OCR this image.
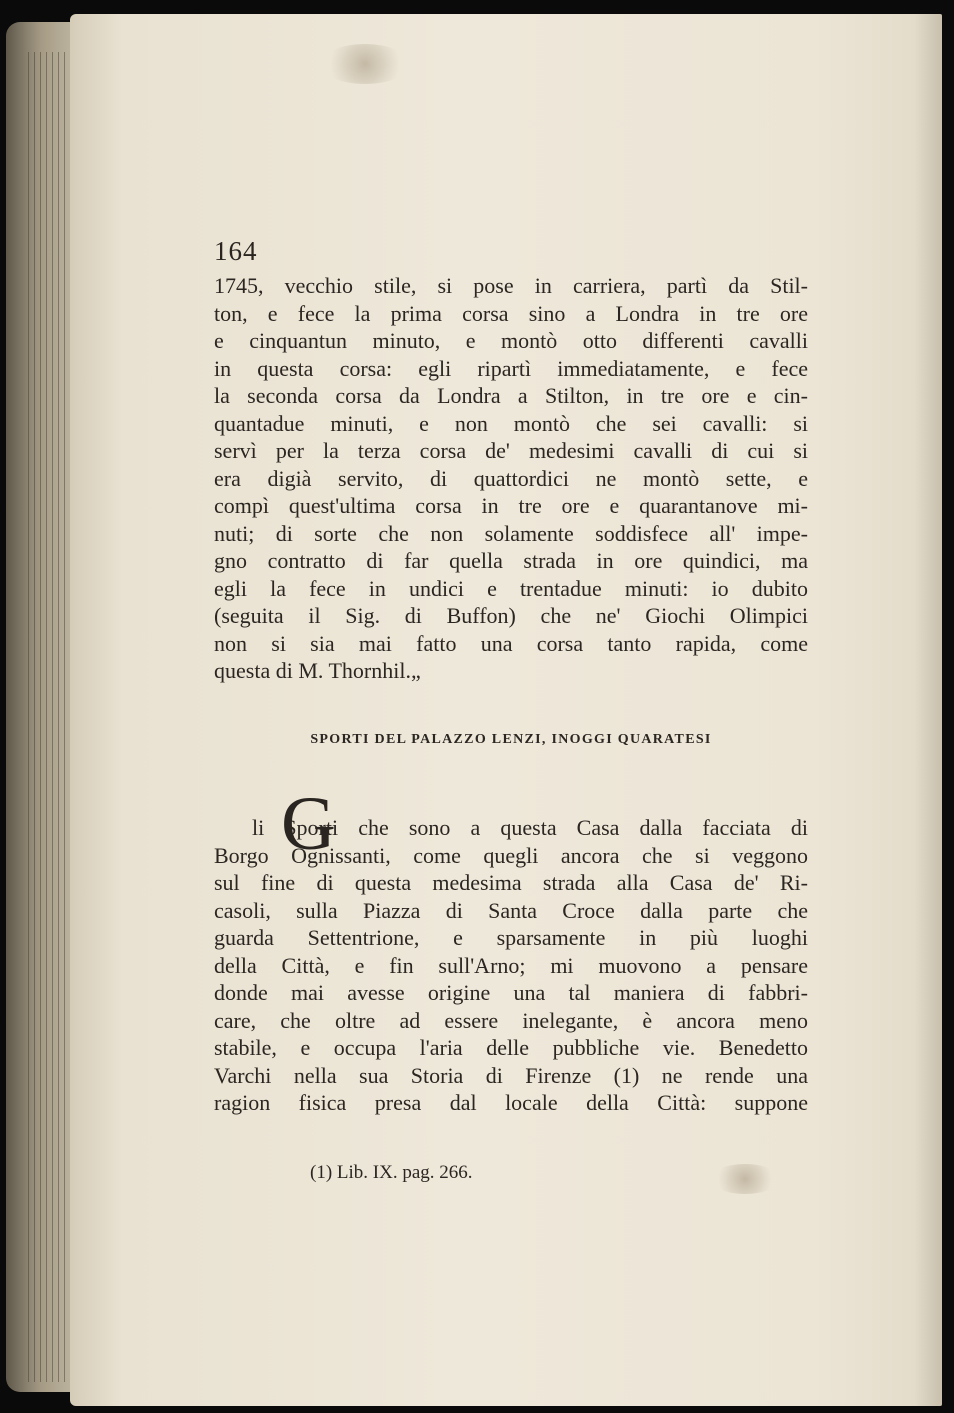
164
1745, vecchio stile, si pose in carriera, partì da Stil-
ton, e fece la prima corsa sino a Londra in tre ore
e cinquantun minuto, e montò otto differenti cavalli
in questa corsa: egli ripartì immediatamente, e fece
la seconda corsa da Londra a Stilton, in tre ore e cin-
quantadue minuti, e non montò che sei cavalli: si
servì per la terza corsa de' medesimi cavalli di cui si
era digià servito, di quattordici ne montò sette, e
compì quest'ultima corsa in tre ore e quarantanove mi-
nuti; di sorte che non solamente soddisfece all' impe-
gno contratto di far quella strada in ore quindici, ma
egli la fece in undici e trentadue minuti: io dubito
(seguita il Sig. di Buffon) che ne' Giochi Olimpici
non si sia mai fatto una corsa tanto rapida, come
questa di M. Thornhil.„
SPORTI DEL PALAZZO LENZI, INOGGI QUARATESI
G
li Sporti che sono a questa Casa dalla facciata di
Borgo Ognissanti, come quegli ancora che si veggono
sul fine di questa medesima strada alla Casa de' Ri-
casoli, sulla Piazza di Santa Croce dalla parte che
guarda Settentrione, e sparsamente in più luoghi
della Città, e fin sull'Arno; mi muovono a pensare
donde mai avesse origine una tal maniera di fabbri-
care, che oltre ad essere inelegante, è ancora meno
stabile, e occupa l'aria delle pubbliche vie. Benedetto
Varchi nella sua Storia di Firenze (1) ne rende una
ragion fisica presa dal locale della Città: suppone
(1) Lib. IX. pag. 266.
